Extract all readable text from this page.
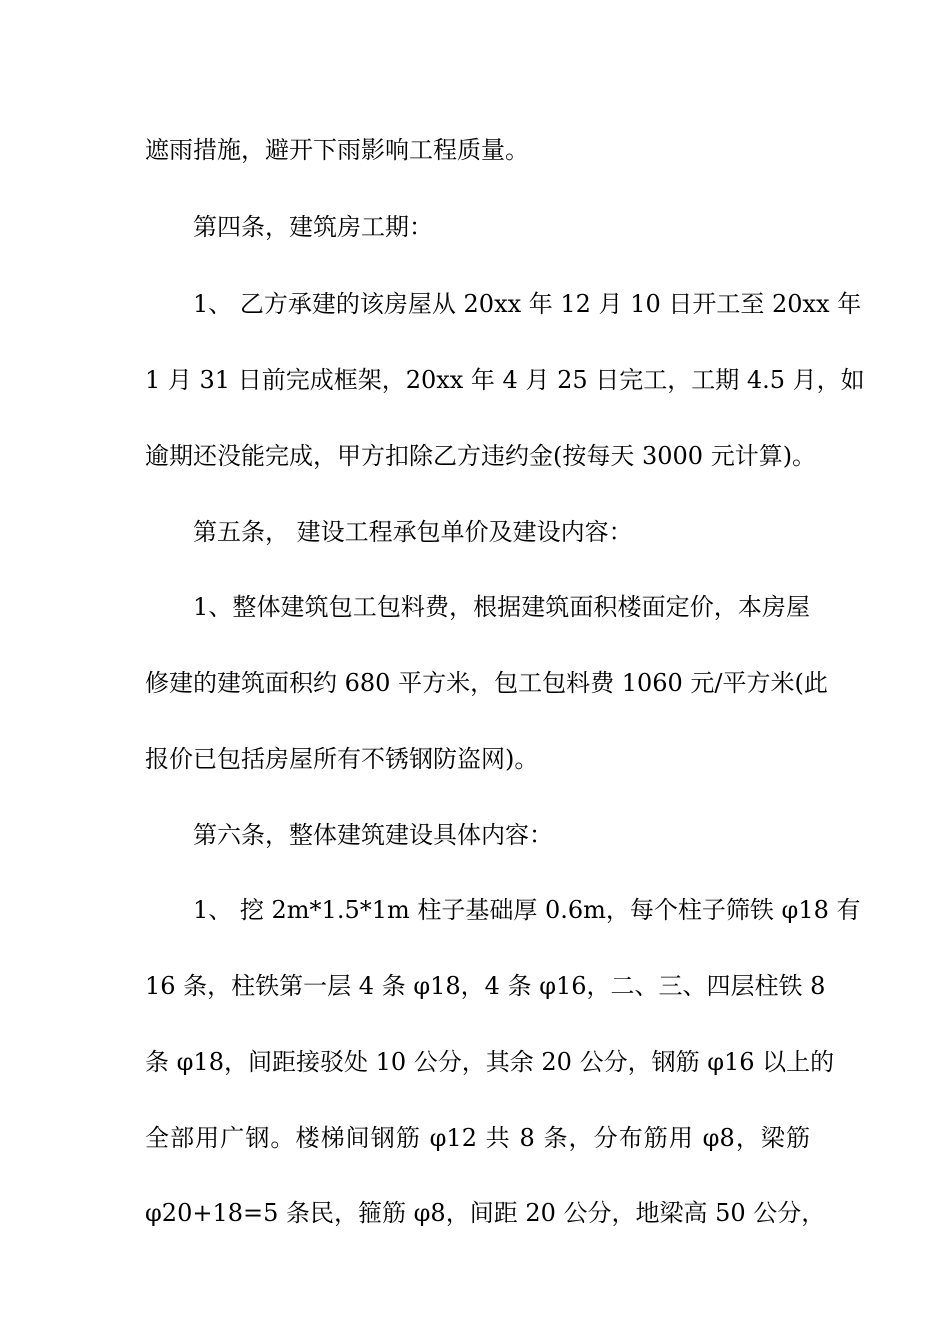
遮雨措施，避开下雨影响工程质量。
第四条，建筑房工期：
1、 乙方承建的该房屋从 20xx 年 12 月 10 日开工至 20xx 年
1 月 31 日前完成框架，20xx 年 4 月 25 日完工，工期 4.5 月，如
逾期还没能完成，甲方扣除乙方违约金(按每天 3000 元计算)。
第五条， 建设工程承包单价及建设内容：
1、整体建筑包工包料费，根据建筑面积楼面定价，本房屋
修建的建筑面积约 680 平方米，包工包料费 1060 元/平方米(此
报价已包括房屋所有不锈钢防盗网)。
第六条，整体建筑建设具体内容：
1、 挖 2m*1.5*1m 柱子基础厚 0.6m，每个柱子筛铁 φ18 有
16 条，柱铁第一层 4 条 φ18，4 条 φ16，二、三、四层柱铁 8
条 φ18，间距接驳处 10 公分，其余 20 公分，钢筋 φ16 以上的
全部用广钢。楼梯间钢筋 φ12 共 8 条，分布筋用 φ8，梁筋
φ20+18=5 条民，箍筋 φ8，间距 20 公分，地梁高 50 公分，
